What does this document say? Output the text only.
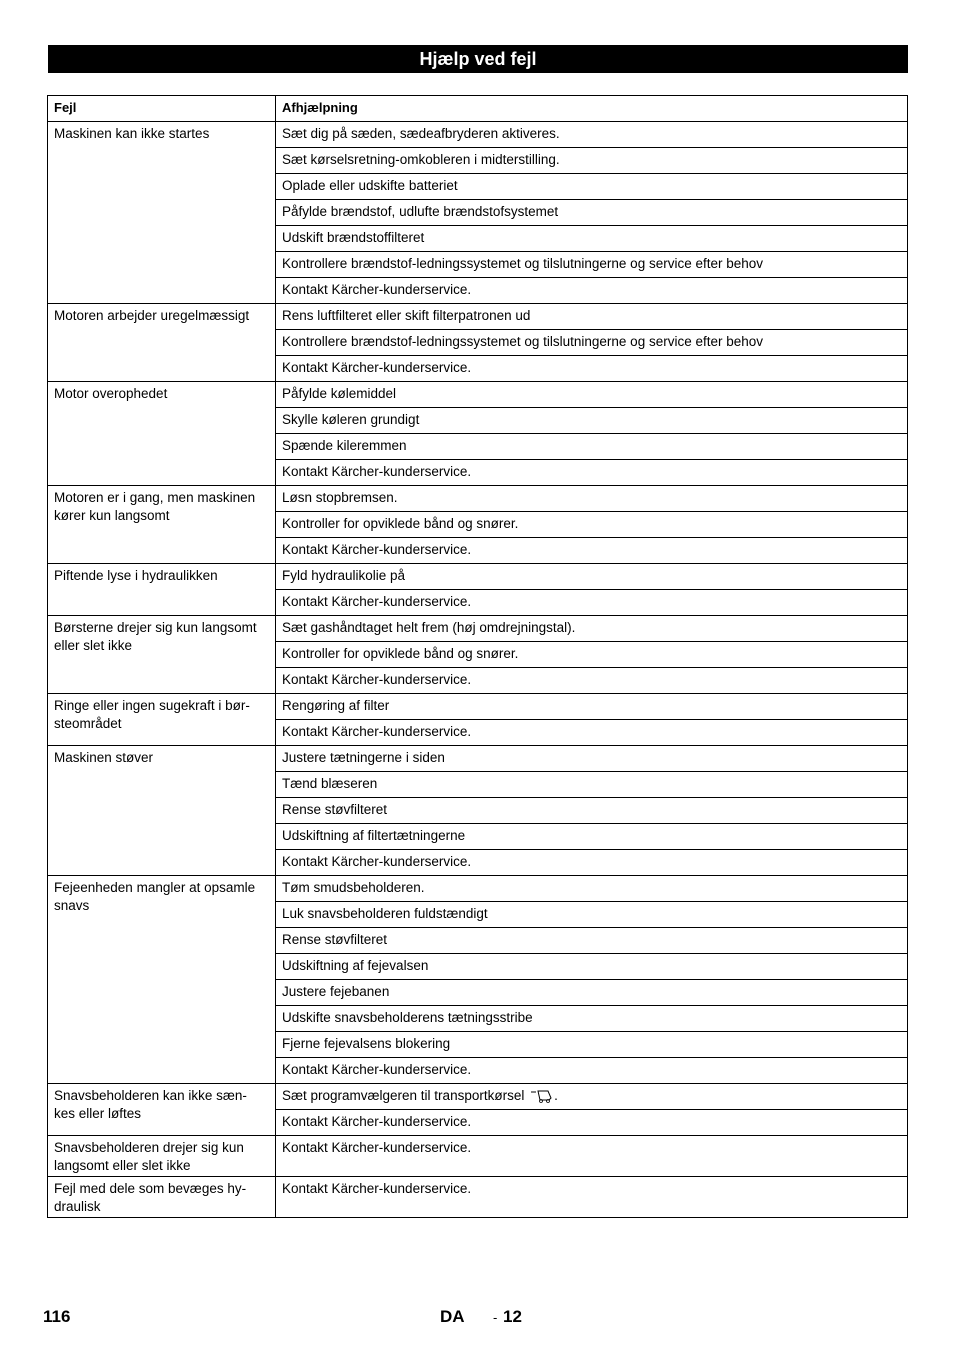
Hjælp ved fejl
Fejl	Afhjælpning
Maskinen kan ikke startes	Sæt dig på sæden, sædeafbryderen aktiveres.
	Sæt kørselsretning-omkobleren i midterstilling.
	Oplade eller udskifte batteriet
	Påfylde brændstof, udlufte brændstofsystemet
	Udskift brændstoffilteret
	Kontrollere brændstof-ledningssystemet og tilslutningerne og service efter behov
	Kontakt Kärcher-kunderservice.
Motoren arbejder uregelmæssigt	Rens luftfilteret eller skift filterpatronen ud
	Kontrollere brændstof-ledningssystemet og tilslutningerne og service efter behov
	Kontakt Kärcher-kunderservice.
Motor overophedet	Påfylde kølemiddel
	Skylle køleren grundigt
	Spænde kileremmen
	Kontakt Kärcher-kunderservice.
Motoren er i gang, men maskinen kører kun langsomt	Løsn stopbremsen.
	Kontroller for opviklede bånd og snører.
	Kontakt Kärcher-kunderservice.
Piftende lyse i hydraulikken	Fyld hydraulikolie på
	Kontakt Kärcher-kunderservice.
Børsterne drejer sig kun langsomt eller slet ikke	Sæt gashåndtaget helt frem (høj omdrejningstal).
	Kontroller for opviklede bånd og snører.
	Kontakt Kärcher-kunderservice.
Ringe eller ingen sugekraft i bør-steområdet	Rengøring af filter
	Kontakt Kärcher-kunderservice.
Maskinen støver	Justere tætningerne i siden
	Tænd blæseren
	Rense støvfilteret
	Udskiftning af filtertætningerne
	Kontakt Kärcher-kunderservice.
Fejeenheden mangler at opsamle snavs	Tøm smudsbeholderen.
	Luk snavsbeholderen fuldstændigt
	Rense støvfilteret
	Udskiftning af fejevalsen
	Justere fejebanen
	Udskifte snavsbeholderens tætningsstribe
	Fjerne fejevalsens blokering
	Kontakt Kärcher-kunderservice.
Snavsbeholderen kan ikke sæn-kes eller løftes	Sæt programvælgeren til transportkørsel .
	Kontakt Kärcher-kunderservice.
Snavsbeholderen drejer sig kun langsomt eller slet ikke	Kontakt Kärcher-kunderservice.
Fejl med dele som bevæges hy-draulisk	Kontakt Kärcher-kunderservice.
116	DA - 12
